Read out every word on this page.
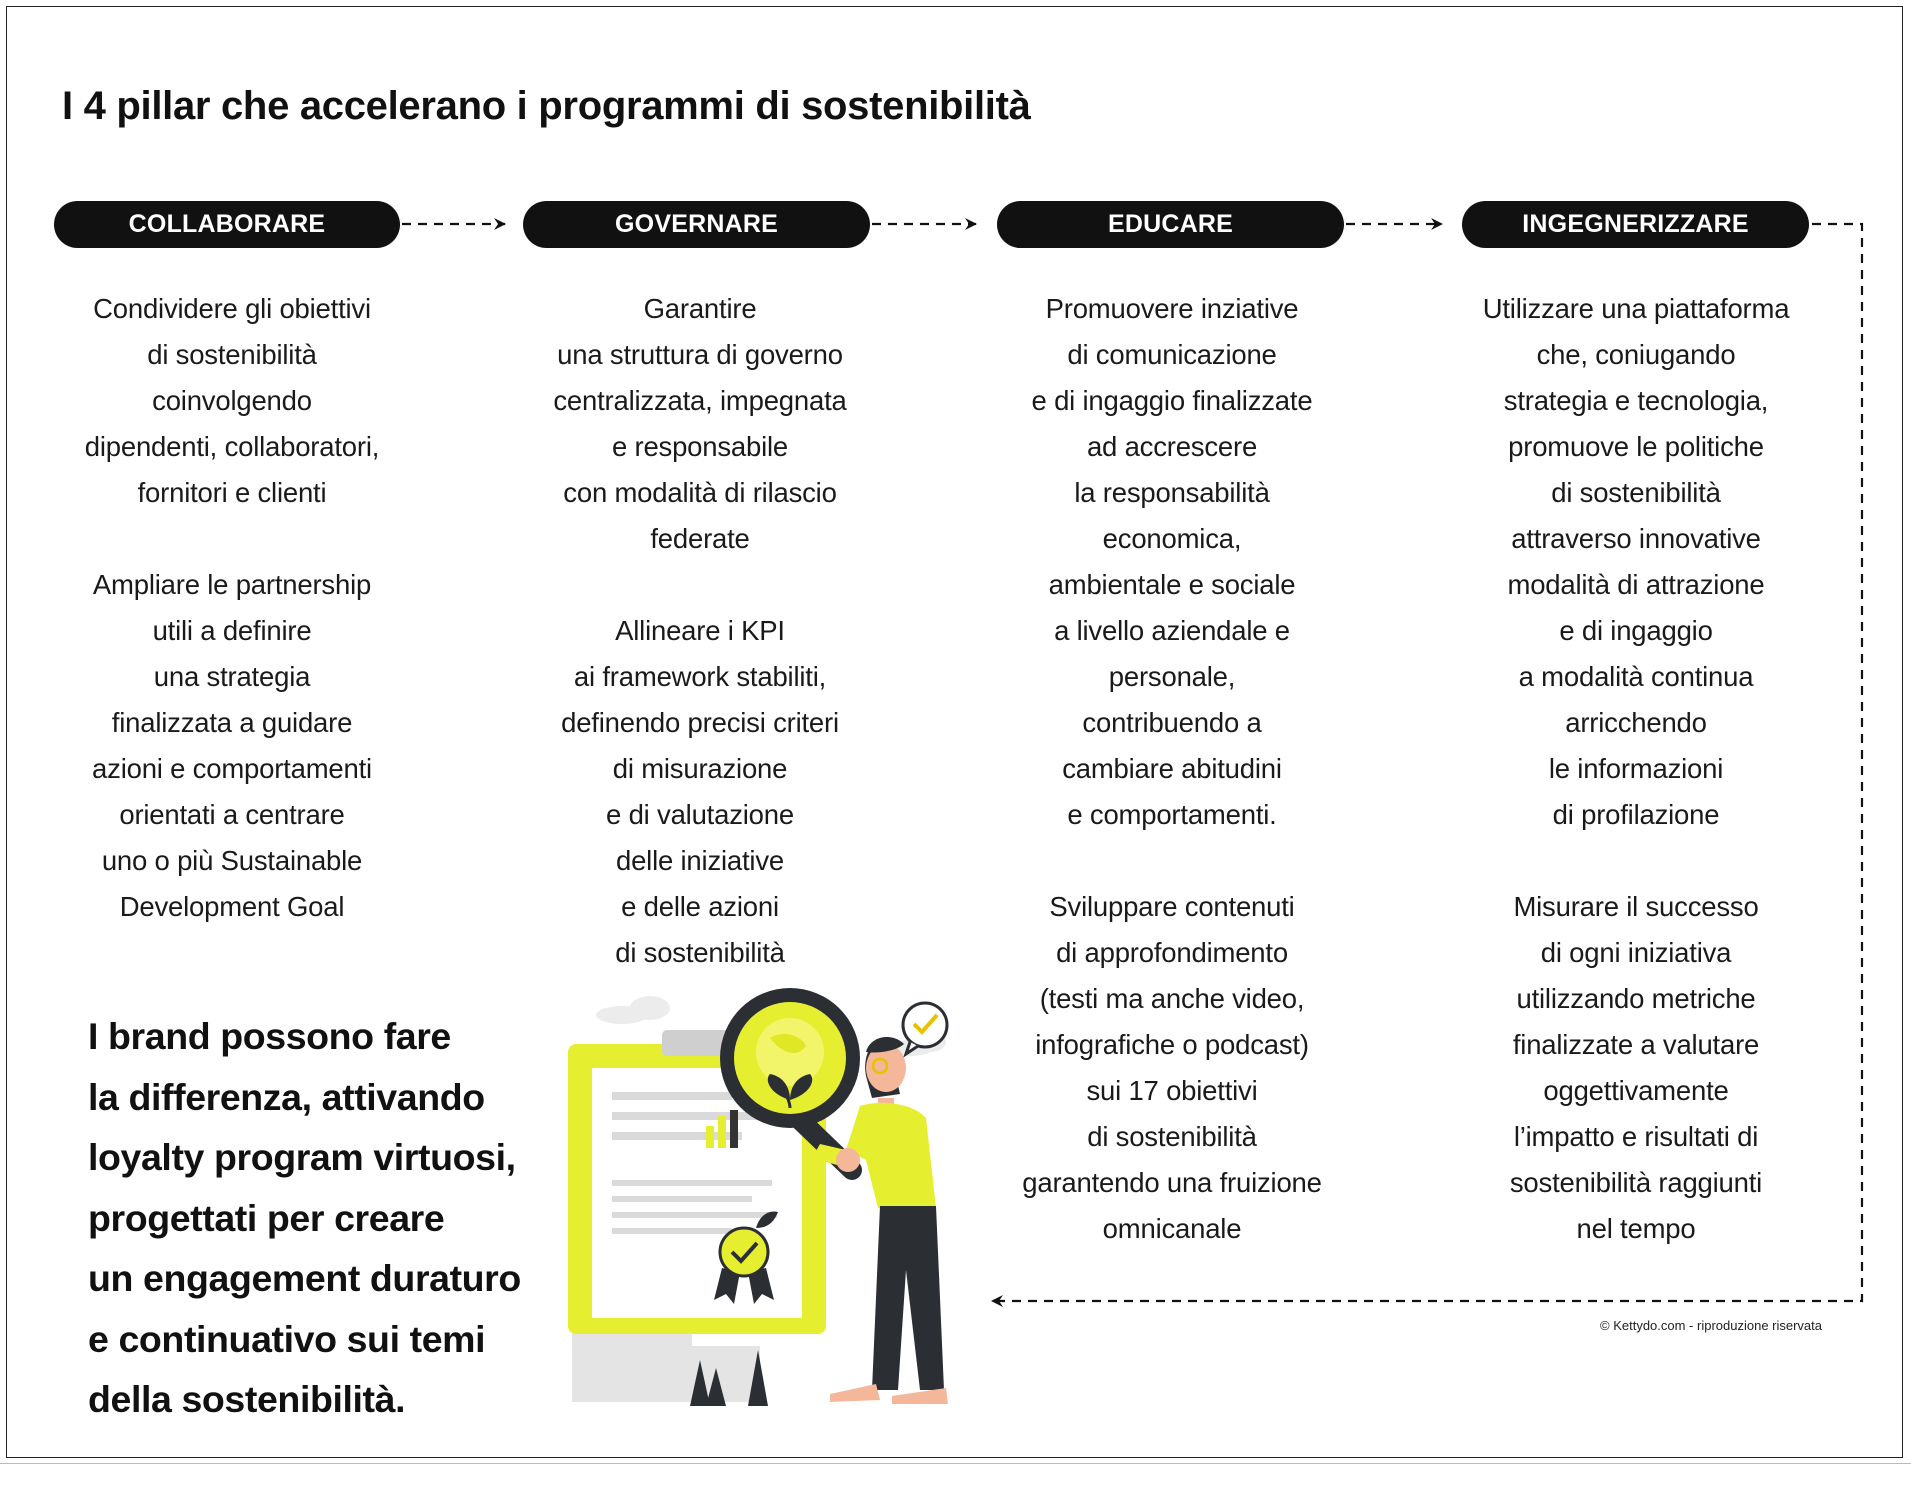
I 4 pillar che accelerano i programmi di sostenibilità
COLLABORARE	GOVERNARE	EDUCARE	INGEGNERIZZARE

Condividere gli obiettivi
di sostenibilità
coinvolgendo
dipendenti, collaboratori,
fornitori e clienti

Ampliare le partnership
utili a definire
una strategia
finalizzata a guidare
azioni e comportamenti
orientati a centrare
uno o più Sustainable
Development Goal

Garantire
una struttura di governo
centralizzata, impegnata
e responsabile
con modalità di rilascio
federate

Allineare i KPI
ai framework stabiliti,
definendo precisi criteri
di misurazione
e di valutazione
delle iniziative
e delle azioni
di sostenibilità

Promuovere inziative
di comunicazione
e di ingaggio finalizzate
ad accrescere
la responsabilità
economica,
ambientale e sociale
a livello aziendale e
personale,
contribuendo a
cambiare abitudini
e comportamenti.

Sviluppare contenuti
di approfondimento
(testi ma anche video,
infografiche o podcast)
sui 17 obiettivi
di sostenibilità
garantendo una fruizione
omnicanale

Utilizzare una piattaforma
che, coniugando
strategia e tecnologia,
promuove le politiche
di sostenibilità
attraverso innovative
modalità di attrazione
e di ingaggio
a modalità continua
arricchendo
le informazioni
di profilazione

Misurare il successo
di ogni iniziativa
utilizzando metriche
finalizzate a valutare
oggettivamente
l’impatto e risultati di
sostenibilità raggiunti
nel tempo

I brand possono fare
la differenza, attivando
loyalty program virtuosi,
progettati per creare
un engagement duraturo
e continuativo sui temi
della sostenibilità.

© Kettydo.com - riproduzione riservata
